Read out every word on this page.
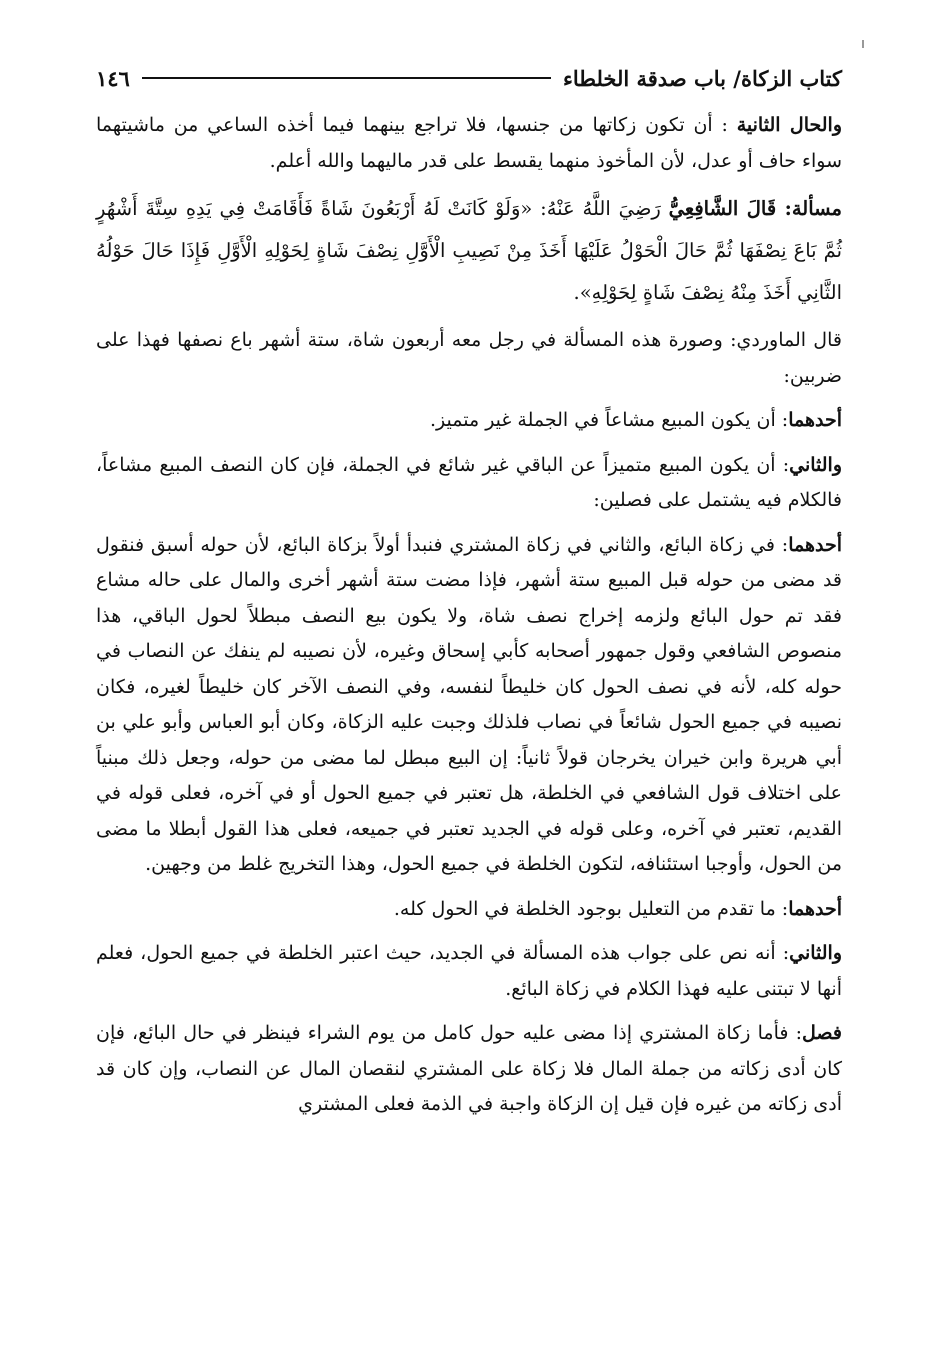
كتاب الزكاة/ باب صدقة الخلطاء
١٤٦

والحال الثانية : أن تكون زكاتها من جنسها، فلا تراجع بينهما فيما أخذه الساعي من ماشيتهما سواء حاف أو عدل، لأن المأخوذ منهما يقسط على قدر ماليهما والله أعلم.

مسألة: قَالَ الشَّافِعِيُّ رَضِيَ اللَّهُ عَنْهُ: «وَلَوْ كَانَتْ لَهُ أَرْبَعُونَ شَاةً فَأَقَامَتْ فِي يَدِهِ سِتَّةَ أَشْهُرٍ ثُمَّ بَاعَ نِصْفَهَا ثُمَّ حَالَ الْحَوْلُ عَلَيْهَا أَخَذَ مِنْ نَصِيبِ الْأَوَّلِ نِصْفَ شَاةٍ لِحَوْلِهِ الْأَوَّلِ فَإِذَا حَالَ حَوْلُهُ الثَّانِي أَخَذَ مِنْهُ نِصْفَ شَاةٍ لِحَوْلِهِ».

قال الماوردي: وصورة هذه المسألة في رجل معه أربعون شاة، ستة أشهر باع نصفها فهذا على ضربين:

أحدهما: أن يكون المبيع مشاعاً في الجملة غير متميز.

والثاني: أن يكون المبيع متميزاً عن الباقي غير شائع في الجملة، فإن كان النصف المبيع مشاعاً، فالكلام فيه يشتمل على فصلين:

أحدهما: في زكاة البائع، والثاني في زكاة المشتري فنبدأ أولاً بزكاة البائع، لأن حوله أسبق فنقول قد مضى من حوله قبل المبيع ستة أشهر، فإذا مضت ستة أشهر أخرى والمال على حاله مشاع فقد تم حول البائع ولزمه إخراج نصف شاة، ولا يكون بيع النصف مبطلاً لحول الباقي، هذا منصوص الشافعي وقول جمهور أصحابه كأبي إسحاق وغيره، لأن نصيبه لم ينفك عن النصاب في حوله كله، لأنه في نصف الحول كان خليطاً لنفسه، وفي النصف الآخر كان خليطاً لغيره، فكان نصيبه في جميع الحول شائعاً في نصاب فلذلك وجبت عليه الزكاة، وكان أبو العباس وأبو علي بن أبي هريرة وابن خيران يخرجان قولاً ثانياً: إن البيع مبطل لما مضى من حوله، وجعل ذلك مبنياً على اختلاف قول الشافعي في الخلطة، هل تعتبر في جميع الحول أو في آخره، فعلى قوله في القديم، تعتبر في آخره، وعلى قوله في الجديد تعتبر في جميعه، فعلى هذا القول أبطلا ما مضى من الحول، وأوجبا استئنافه، لتكون الخلطة في جميع الحول، وهذا التخريج غلط من وجهين.

أحدهما: ما تقدم من التعليل بوجود الخلطة في الحول كله.

والثاني: أنه نص على جواب هذه المسألة في الجديد، حيث اعتبر الخلطة في جميع الحول، فعلم أنها لا تبتنى عليه فهذا الكلام في زكاة البائع.

فصل: فأما زكاة المشتري إذا مضى عليه حول كامل من يوم الشراء فينظر في حال البائع، فإن كان أدى زكاته من جملة المال فلا زكاة على المشتري لنقصان المال عن النصاب، وإن كان قد أدى زكاته من غيره فإن قيل إن الزكاة واجبة في الذمة فعلى المشتري
